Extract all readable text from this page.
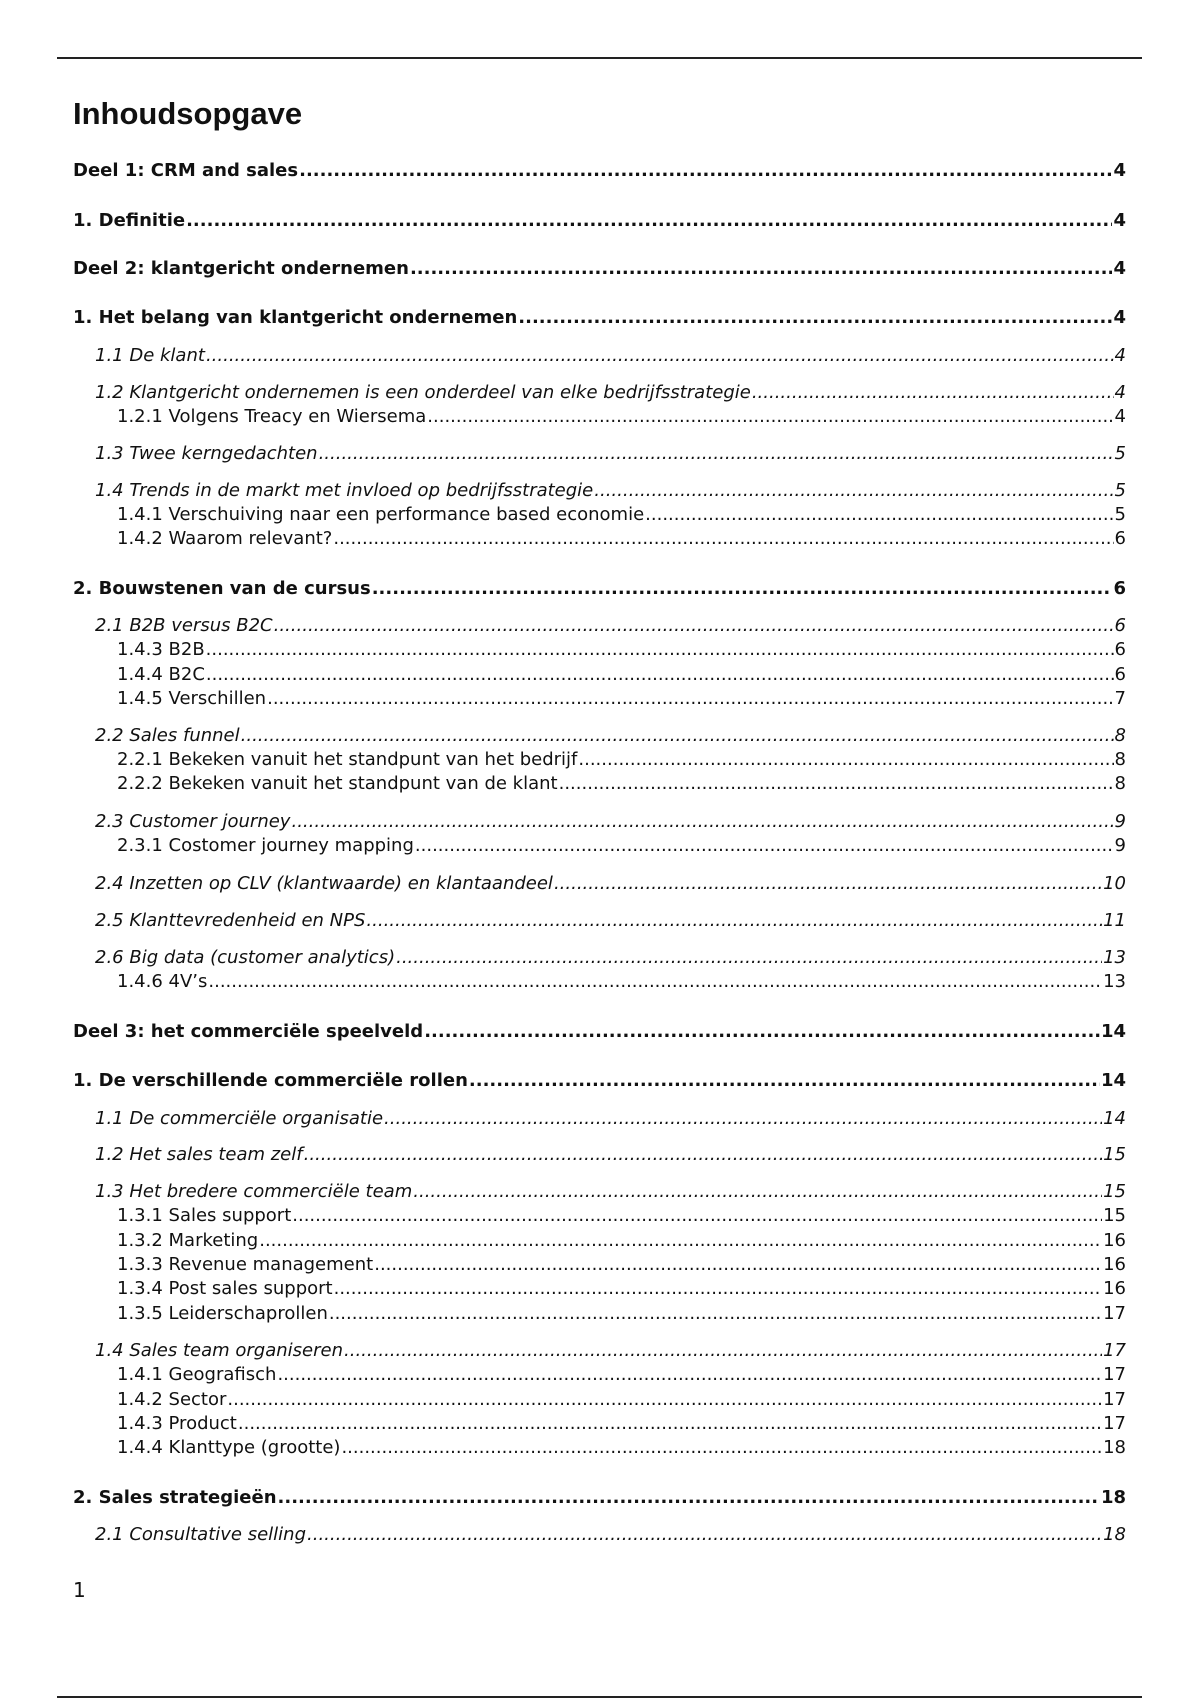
Inhoudsopgave
Deel 1: CRM and sales .....	4
1. Definitie .....	4
Deel 2: klantgericht ondernemen .....	4
1. Het belang van klantgericht ondernemen .....	4
1.1 De klant .....	4
1.2 Klantgericht ondernemen is een onderdeel van elke bedrijfsstrategie .....	4
1.2.1 Volgens Treacy en Wiersema .....	4
1.3 Twee kerngedachten .....	5
1.4 Trends in de markt met invloed op bedrijfsstrategie .....	5
1.4.1 Verschuiving naar een performance based economie .....	5
1.4.2 Waarom relevant? .....	6
2. Bouwstenen van de cursus .....	6
2.1 B2B versus B2C .....	6
1.4.3 B2B .....	6
1.4.4 B2C .....	6
1.4.5 Verschillen .....	7
2.2 Sales funnel .....	8
2.2.1 Bekeken vanuit het standpunt van het bedrijf .....	8
2.2.2 Bekeken vanuit het standpunt van de klant .....	8
2.3 Customer journey .....	9
2.3.1 Costomer journey mapping .....	9
2.4 Inzetten op CLV (klantwaarde) en klantaandeel .....	10
2.5 Klanttevredenheid en NPS .....	11
2.6 Big data (customer analytics) .....	13
1.4.6 4V’s .....	13
Deel 3: het commerciële speelveld .....	14
1. De verschillende commerciële rollen .....	14
1.1 De commerciële organisatie .....	14
1.2 Het sales team zelf .....	15
1.3 Het bredere commerciële team .....	15
1.3.1 Sales support .....	15
1.3.2 Marketing .....	16
1.3.3 Revenue management .....	16
1.3.4 Post sales support .....	16
1.3.5 Leiderschaprollen .....	17
1.4 Sales team organiseren .....	17
1.4.1 Geografisch .....	17
1.4.2 Sector .....	17
1.4.3 Product .....	17
1.4.4 Klanttype (grootte) .....	18
2. Sales strategieën .....	18
2.1 Consultative selling .....	18
1
